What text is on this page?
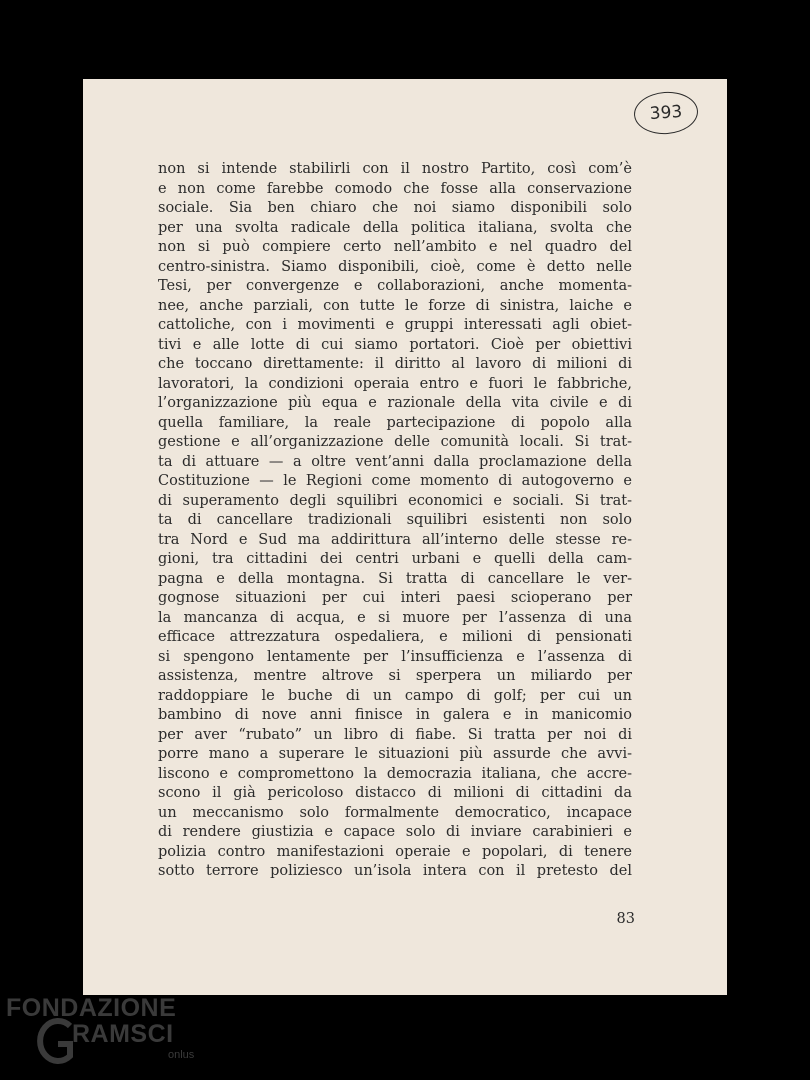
393
non si intende stabilirli con il nostro Partito, così com’è
e non come farebbe comodo che fosse alla conservazione
sociale. Sia ben chiaro che noi siamo disponibili solo
per una svolta radicale della politica italiana, svolta che
non si può compiere certo nell’ambito e nel quadro del
centro-sinistra. Siamo disponibili, cioè, come è detto nelle
Tesi, per convergenze e collaborazioni, anche momenta-
nee, anche parziali, con tutte le forze di sinistra, laiche e
cattoliche, con i movimenti e gruppi interessati agli obiet-
tivi e alle lotte di cui siamo portatori. Cioè per obiettivi
che toccano direttamente: il diritto al lavoro di milioni di
lavoratori, la condizioni operaia entro e fuori le fabbriche,
l’organizzazione più equa e razionale della vita civile e di
quella familiare, la reale partecipazione di popolo alla
gestione e all’organizzazione delle comunità locali. Si trat-
ta di attuare — a oltre vent’anni dalla proclamazione della
Costituzione — le Regioni come momento di autogoverno e
di superamento degli squilibri economici e sociali. Si trat-
ta di cancellare tradizionali squilibri esistenti non solo
tra Nord e Sud ma addirittura all’interno delle stesse re-
gioni, tra cittadini dei centri urbani e quelli della cam-
pagna e della montagna. Si tratta di cancellare le ver-
gognose situazioni per cui interi paesi scioperano per
la mancanza di acqua, e si muore per l’assenza di una
efficace attrezzatura ospedaliera, e milioni di pensionati
si spengono lentamente per l’insufficienza e l’assenza di
assistenza, mentre altrove si sperpera un miliardo per
raddoppiare le buche di un campo di golf; per cui un
bambino di nove anni finisce in galera e in manicomio
per aver “rubato” un libro di fiabe. Si tratta per noi di
porre mano a superare le situazioni più assurde che avvi-
liscono e compromettono la democrazia italiana, che accre-
scono il già pericoloso distacco di milioni di cittadini da
un meccanismo solo formalmente democratico, incapace
di rendere giustizia e capace solo di inviare carabinieri e
polizia contro manifestazioni operaie e popolari, di tenere
sotto terrore poliziesco un’isola intera con il pretesto del
83
FONDAZIONE
RAMSCI
onlus
